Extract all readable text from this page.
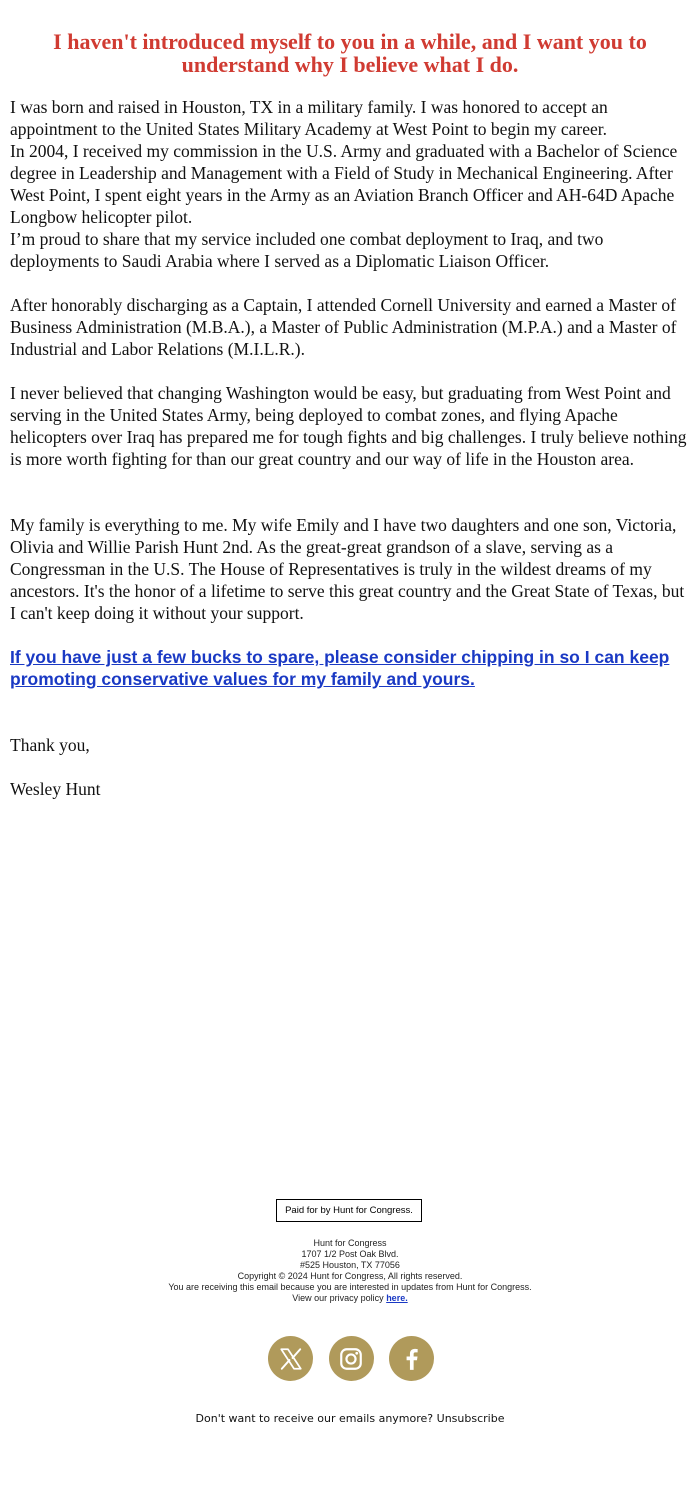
I haven't introduced myself to you in a while, and I want you to understand why I believe what I do.
I was born and raised in Houston, TX in a military family. I was honored to accept an appointment to the United States Military Academy at West Point to begin my career.
In 2004, I received my commission in the U.S. Army and graduated with a Bachelor of Science degree in Leadership and Management with a Field of Study in Mechanical Engineering. After West Point, I spent eight years in the Army as an Aviation Branch Officer and AH-64D Apache Longbow helicopter pilot.
I’m proud to share that my service included one combat deployment to Iraq, and two deployments to Saudi Arabia where I served as a Diplomatic Liaison Officer.

After honorably discharging as a Captain, I attended Cornell University and earned a Master of Business Administration (M.B.A.), a Master of Public Administration (M.P.A.) and a Master of Industrial and Labor Relations (M.I.L.R.).

I never believed that changing Washington would be easy, but graduating from West Point and serving in the United States Army, being deployed to combat zones, and flying Apache helicopters over Iraq has prepared me for tough fights and big challenges. I truly believe nothing is more worth fighting for than our great country and our way of life in the Houston area.

My family is everything to me. My wife Emily and I have two daughters and one son, Victoria, Olivia and Willie Parish Hunt 2nd. As the great-great grandson of a slave, serving as a Congressman in the U.S. The House of Representatives is truly in the wildest dreams of my ancestors. It's the honor of a lifetime to serve this great country and the Great State of Texas, but I can't keep doing it without your support.

If you have just a few bucks to spare, please consider chipping in so I can keep promoting conservative values for my family and yours.

Thank you,

Wesley Hunt

Paid for by Hunt for Congress.
Hunt for Congress
1707 1/2 Post Oak Blvd.
#525 Houston, TX 77056
Copyright © 2024 Hunt for Congress, All rights reserved.
You are receiving this email because you are interested in updates from Hunt for Congress.
View our privacy policy here.
Don't want to receive our emails anymore? Unsubscribe
